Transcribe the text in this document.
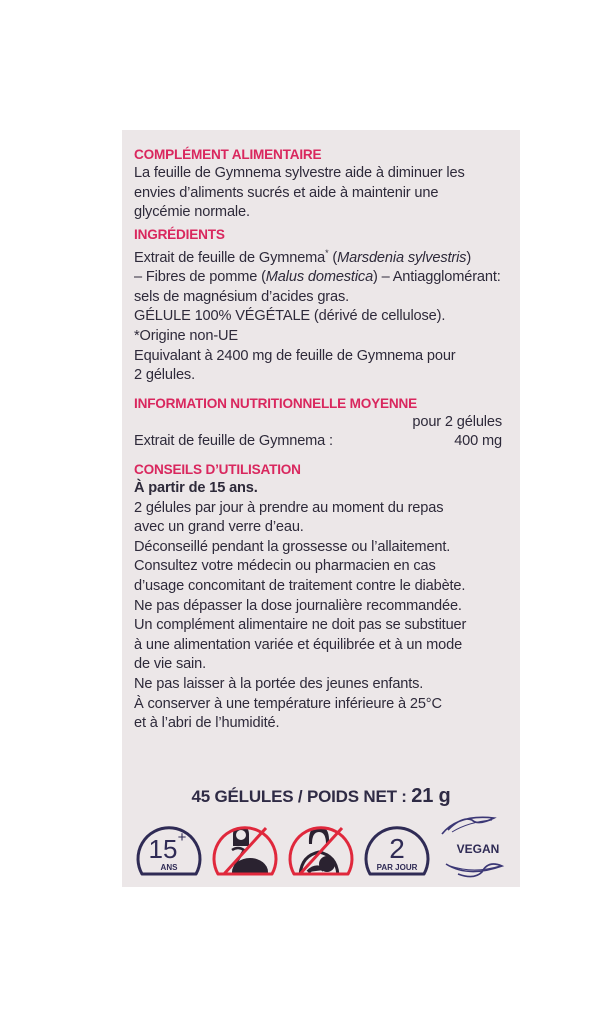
COMPLÉMENT ALIMENTAIRE
La feuille de Gymnema sylvestre aide à diminuer les
envies d’aliments sucrés et aide à maintenir une
glycémie normale.
INGRÉDIENTS
Extrait de feuille de Gymnema* (Marsdenia sylvestris)
– Fibres de pomme (Malus domestica) – Antiagglomérant:
sels de magnésium d’acides gras.
GÉLULE 100% VÉGÉTALE (dérivé de cellulose).
*Origine non-UE
Equivalant à 2400 mg de feuille de Gymnema pour
2 gélules.
INFORMATION NUTRITIONNELLE MOYENNE
pour 2 gélules
Extrait de feuille de Gymnema :	400 mg
CONSEILS D’UTILISATION
À partir de 15 ans.
2 gélules par jour à prendre au moment du repas
avec un grand verre d’eau.
Déconseillé pendant la grossesse ou l’allaitement.
Consultez votre médecin ou pharmacien en cas
d’usage concomitant de traitement contre le diabète.
Ne pas dépasser la dose journalière recommandée.
Un complément alimentaire ne doit pas se substituer
à une alimentation variée et équilibrée et à un mode
de vie sain.
Ne pas laisser à la portée des jeunes enfants.
À conserver à une température inférieure à 25°C
et à l’abri de l’humidité.
45 GÉLULES / POIDS NET : 21 g
15 +
ANS
2
PAR JOUR
VEGAN
